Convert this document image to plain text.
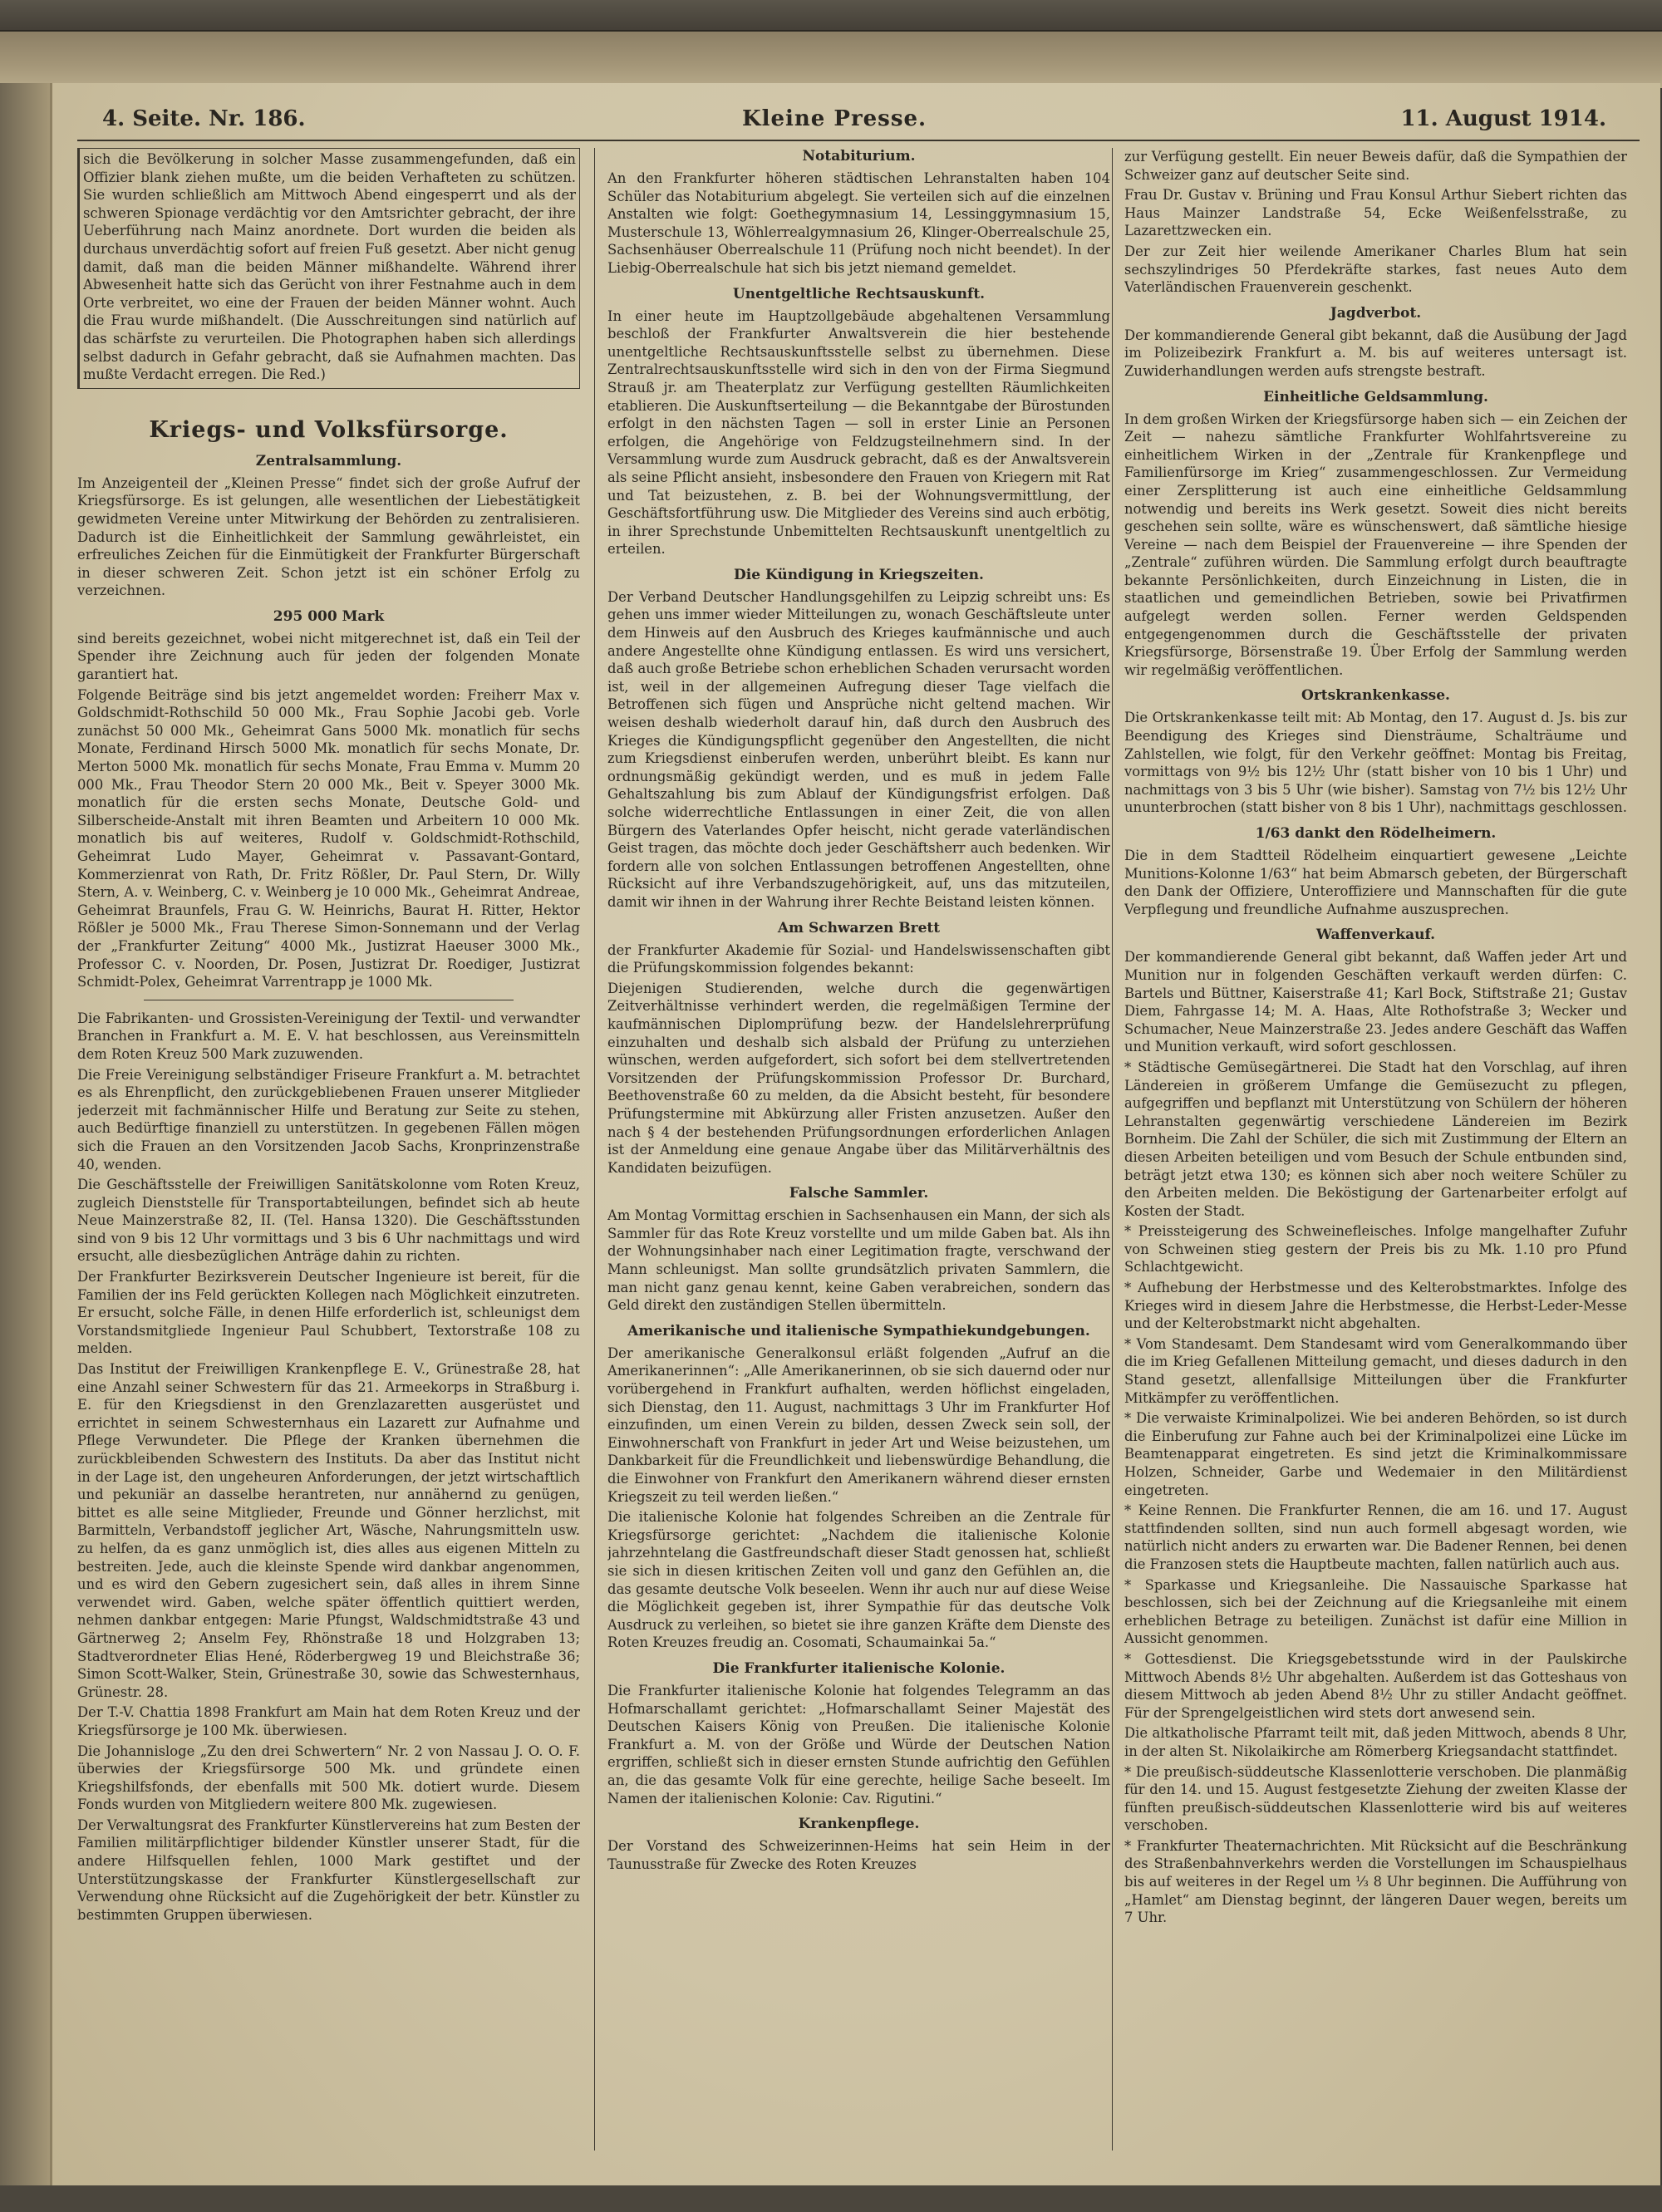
4. Seite. Nr. 186.	Kleine Presse.	11. August 1914.

sich die Bevölkerung in solcher Masse zusammengefunden, daß ein Offizier blank ziehen mußte, um die beiden Verhafteten zu schützen. Sie wurden schließlich am Mittwoch Abend eingesperrt und als der schweren Spionage verdächtig vor den Amtsrichter gebracht, der ihre Ueberführung nach Mainz anordnete. Dort wurden die beiden als durchaus unverdächtig sofort auf freien Fuß gesetzt. Aber nicht genug damit, daß man die beiden Männer mißhandelte. Während ihrer Abwesenheit hatte sich das Gerücht von ihrer Festnahme auch in dem Orte verbreitet, wo eine der Frauen der beiden Männer wohnt. Auch die Frau wurde mißhandelt. (Die Ausschreitungen sind natürlich auf das schärfste zu verurteilen. Die Photographen haben sich allerdings selbst dadurch in Gefahr gebracht, daß sie Aufnahmen machten. Das mußte Verdacht erregen. Die Red.)

Kriegs- und Volksfürsorge.
Zentralsammlung.

Im Anzeigenteil der „Kleinen Presse“ findet sich der große Aufruf der Kriegsfürsorge. Es ist gelungen, alle wesentlichen der Liebestätigkeit gewidmeten Vereine unter Mitwirkung der Behörden zu zentralisieren. Dadurch ist die Einheitlichkeit der Sammlung gewährleistet, ein erfreuliches Zeichen für die Einmütigkeit der Frankfurter Bürgerschaft in dieser schweren Zeit. Schon jetzt ist ein schöner Erfolg zu verzeichnen.

295 000 Mark

sind bereits gezeichnet, wobei nicht mitgerechnet ist, daß ein Teil der Spender ihre Zeichnung auch für jeden der folgenden Monate garantiert hat.

Folgende Beiträge sind bis jetzt angemeldet worden: Freiherr Max v. Goldschmidt-Rothschild 50 000 Mk., Frau Sophie Jacobi geb. Vorle zunächst 50 000 Mk., Geheimrat Gans 5000 Mk. monatlich für sechs Monate, Ferdinand Hirsch 5000 Mk. monatlich für sechs Monate, Dr. Merton 5000 Mk. monatlich für sechs Monate, Frau Emma v. Mumm 20 000 Mk., Frau Theodor Stern 20 000 Mk., Beit v. Speyer 3000 Mk. monatlich für die ersten sechs Monate, Deutsche Gold- und Silberscheide-Anstalt mit ihren Beamten und Arbeitern 10 000 Mk. monatlich bis auf weiteres, Rudolf v. Goldschmidt-Rothschild, Geheimrat Ludo Mayer, Geheimrat v. Passavant-Gontard, Kommerzienrat von Rath, Dr. Fritz Rößler, Dr. Paul Stern, Dr. Willy Stern, A. v. Weinberg, C. v. Weinberg je 10 000 Mk., Geheimrat Andreae, Geheimrat Braunfels, Frau G. W. Heinrichs, Baurat H. Ritter, Hektor Rößler je 5000 Mk., Frau Therese Simon-Sonnemann und der Verlag der „Frankfurter Zeitung“ 4000 Mk., Justizrat Haeuser 3000 Mk., Professor C. v. Noorden, Dr. Posen, Justizrat Dr. Roediger, Justizrat Schmidt-Polex, Geheimrat Varrentrapp je 1000 Mk.

Die Fabrikanten- und Grossisten-Vereinigung der Textil- und verwandter Branchen in Frankfurt a. M. E. V. hat beschlossen, aus Vereinsmitteln dem Roten Kreuz 500 Mark zuzuwenden.

Die Freie Vereinigung selbständiger Friseure Frankfurt a. M. betrachtet es als Ehrenpflicht, den zurückgebliebenen Frauen unserer Mitglieder jederzeit mit fachmännischer Hilfe und Beratung zur Seite zu stehen, auch Bedürftige finanziell zu unterstützen. In gegebenen Fällen mögen sich die Frauen an den Vorsitzenden Jacob Sachs, Kronprinzenstraße 40, wenden.

Die Geschäftsstelle der Freiwilligen Sanitätskolonne vom Roten Kreuz, zugleich Dienststelle für Transportabteilungen, befindet sich ab heute Neue Mainzerstraße 82, II. (Tel. Hansa 1320). Die Geschäftsstunden sind von 9 bis 12 Uhr vormittags und 3 bis 6 Uhr nachmittags und wird ersucht, alle diesbezüglichen Anträge dahin zu richten.

Der Frankfurter Bezirksverein Deutscher Ingenieure ist bereit, für die Familien der ins Feld gerückten Kollegen nach Möglichkeit einzutreten. Er ersucht, solche Fälle, in denen Hilfe erforderlich ist, schleunigst dem Vorstandsmitgliede Ingenieur Paul Schubbert, Textorstraße 108 zu melden.

Das Institut der Freiwilligen Krankenpflege E. V., Grünestraße 28, hat eine Anzahl seiner Schwestern für das 21. Armeekorps in Straßburg i. E. für den Kriegsdienst in den Grenzlazaretten ausgerüstet und errichtet in seinem Schwesternhaus ein Lazarett zur Aufnahme und Pflege Verwundeter. Die Pflege der Kranken übernehmen die zurückbleibenden Schwestern des Instituts. Da aber das Institut nicht in der Lage ist, den ungeheuren Anforderungen, der jetzt wirtschaftlich und pekuniär an dasselbe herantreten, nur annähernd zu genügen, bittet es alle seine Mitglieder, Freunde und Gönner herzlichst, mit Barmitteln, Verbandstoff jeglicher Art, Wäsche, Nahrungsmitteln usw. zu helfen, da es ganz unmöglich ist, dies alles aus eigenen Mitteln zu bestreiten. Jede, auch die kleinste Spende wird dankbar angenommen, und es wird den Gebern zugesichert sein, daß alles in ihrem Sinne verwendet wird. Gaben, welche später öffentlich quittiert werden, nehmen dankbar entgegen: Marie Pfungst, Waldschmidtstraße 43 und Gärtnerweg 2; Anselm Fey, Rhönstraße 18 und Holzgraben 13; Stadtverordneter Elias Hené, Röderbergweg 19 und Bleichstraße 36; Simon Scott-Walker, Stein, Grünestraße 30, sowie das Schwesternhaus, Grünestr. 28.

Der T.-V. Chattia 1898 Frankfurt am Main hat dem Roten Kreuz und der Kriegsfürsorge je 100 Mk. überwiesen.

Die Johannisloge „Zu den drei Schwertern“ Nr. 2 von Nassau J. O. O. F. überwies der Kriegsfürsorge 500 Mk. und gründete einen Kriegshilfsfonds, der ebenfalls mit 500 Mk. dotiert wurde. Diesem Fonds wurden von Mitgliedern weitere 800 Mk. zugewiesen.

Der Verwaltungsrat des Frankfurter Künstlervereins hat zum Besten der Familien militärpflichtiger bildender Künstler unserer Stadt, für die andere Hilfsquellen fehlen, 1000 Mark gestiftet und der Unterstützungskasse der Frankfurter Künstlergesellschaft zur Verwendung ohne Rücksicht auf die Zugehörigkeit der betr. Künstler zu bestimmten Gruppen überwiesen.

Notabiturium.

An den Frankfurter höheren städtischen Lehranstalten haben 104 Schüler das Notabiturium abgelegt. Sie verteilen sich auf die einzelnen Anstalten wie folgt: Goethegymnasium 14, Lessinggymnasium 15, Musterschule 13, Wöhlerrealgymnasium 26, Klinger-Oberrealschule 25, Sachsenhäuser Oberrealschule 11 (Prüfung noch nicht beendet). In der Liebig-Oberrealschule hat sich bis jetzt niemand gemeldet.

Unentgeltliche Rechtsauskunft.

In einer heute im Hauptzollgebäude abgehaltenen Versammlung beschloß der Frankfurter Anwaltsverein die hier bestehende unentgeltliche Rechtsauskunftsstelle selbst zu übernehmen. Diese Zentralrechtsauskunftsstelle wird sich in den von der Firma Siegmund Strauß jr. am Theaterplatz zur Verfügung gestellten Räumlichkeiten etablieren. Die Auskunftserteilung — die Bekanntgabe der Bürostunden erfolgt in den nächsten Tagen — soll in erster Linie an Personen erfolgen, die Angehörige von Feldzugsteilnehmern sind. In der Versammlung wurde zum Ausdruck gebracht, daß es der Anwaltsverein als seine Pflicht ansieht, insbesondere den Frauen von Kriegern mit Rat und Tat beizustehen, z. B. bei der Wohnungsvermittlung, der Geschäftsfortführung usw. Die Mitglieder des Vereins sind auch erbötig, in ihrer Sprechstunde Unbemittelten Rechtsauskunft unentgeltlich zu erteilen.

Die Kündigung in Kriegszeiten.

Der Verband Deutscher Handlungsgehilfen zu Leipzig schreibt uns: Es gehen uns immer wieder Mitteilungen zu, wonach Geschäftsleute unter dem Hinweis auf den Ausbruch des Krieges kaufmännische und auch andere Angestellte ohne Kündigung entlassen. Es wird uns versichert, daß auch große Betriebe schon erheblichen Schaden verursacht worden ist, weil in der allgemeinen Aufregung dieser Tage vielfach die Betroffenen sich fügen und Ansprüche nicht geltend machen. Wir weisen deshalb wiederholt darauf hin, daß durch den Ausbruch des Krieges die Kündigungspflicht gegenüber den Angestellten, die nicht zum Kriegsdienst einberufen werden, unberührt bleibt. Es kann nur ordnungsmäßig gekündigt werden, und es muß in jedem Falle Gehaltszahlung bis zum Ablauf der Kündigungsfrist erfolgen. Daß solche widerrechtliche Entlassungen in einer Zeit, die von allen Bürgern des Vaterlandes Opfer heischt, nicht gerade vaterländischen Geist tragen, das möchte doch jeder Geschäftsherr auch bedenken. Wir fordern alle von solchen Entlassungen betroffenen Angestellten, ohne Rücksicht auf ihre Verbandszugehörigkeit, auf, uns das mitzuteilen, damit wir ihnen in der Wahrung ihrer Rechte Beistand leisten können.

Am Schwarzen Brett

der Frankfurter Akademie für Sozial- und Handelswissenschaften gibt die Prüfungskommission folgendes bekannt:

Diejenigen Studierenden, welche durch die gegenwärtigen Zeitverhältnisse verhindert werden, die regelmäßigen Termine der kaufmännischen Diplomprüfung bezw. der Handelslehrerprüfung einzuhalten und deshalb sich alsbald der Prüfung zu unterziehen wünschen, werden aufgefordert, sich sofort bei dem stellvertretenden Vorsitzenden der Prüfungskommission Professor Dr. Burchard, Beethovenstraße 60 zu melden, da die Absicht besteht, für besondere Prüfungstermine mit Abkürzung aller Fristen anzusetzen. Außer den nach § 4 der bestehenden Prüfungsordnungen erforderlichen Anlagen ist der Anmeldung eine genaue Angabe über das Militärverhältnis des Kandidaten beizufügen.

Falsche Sammler.

Am Montag Vormittag erschien in Sachsenhausen ein Mann, der sich als Sammler für das Rote Kreuz vorstellte und um milde Gaben bat. Als ihn der Wohnungsinhaber nach einer Legitimation fragte, verschwand der Mann schleunigst. Man sollte grundsätzlich privaten Sammlern, die man nicht ganz genau kennt, keine Gaben verabreichen, sondern das Geld direkt den zuständigen Stellen übermitteln.

Amerikanische und italienische Sympathiekundgebungen.

Der amerikanische Generalkonsul erläßt folgenden „Aufruf an die Amerikanerinnen“: „Alle Amerikanerinnen, ob sie sich dauernd oder nur vorübergehend in Frankfurt aufhalten, werden höflichst eingeladen, sich Dienstag, den 11. August, nachmittags 3 Uhr im Frankfurter Hof einzufinden, um einen Verein zu bilden, dessen Zweck sein soll, der Einwohnerschaft von Frankfurt in jeder Art und Weise beizustehen, um Dankbarkeit für die Freundlichkeit und liebenswürdige Behandlung, die die Einwohner von Frankfurt den Amerikanern während dieser ernsten Kriegszeit zu teil werden ließen.“

Die italienische Kolonie hat folgendes Schreiben an die Zentrale für Kriegsfürsorge gerichtet: „Nachdem die italienische Kolonie jahrzehntelang die Gastfreundschaft dieser Stadt genossen hat, schließt sie sich in diesen kritischen Zeiten voll und ganz den Gefühlen an, die das gesamte deutsche Volk beseelen. Wenn ihr auch nur auf diese Weise die Möglichkeit gegeben ist, ihrer Sympathie für das deutsche Volk Ausdruck zu verleihen, so bietet sie ihre ganzen Kräfte dem Dienste des Roten Kreuzes freudig an. Cosomati, Schaumainkai 5a.“

Die Frankfurter italienische Kolonie.

Die Frankfurter italienische Kolonie hat folgendes Telegramm an das Hofmarschallamt gerichtet: „Hofmarschallamt Seiner Majestät des Deutschen Kaisers König von Preußen. Die italienische Kolonie Frankfurt a. M. von der Größe und Würde der Deutschen Nation ergriffen, schließt sich in dieser ernsten Stunde aufrichtig den Gefühlen an, die das gesamte Volk für eine gerechte, heilige Sache beseelt. Im Namen der italienischen Kolonie: Cav. Rigutini.“

Krankenpflege.

Der Vorstand des Schweizerinnen-Heims hat sein Heim in der Taunusstraße für Zwecke des Roten Kreuzes

zur Verfügung gestellt. Ein neuer Beweis dafür, daß die Sympathien der Schweizer ganz auf deutscher Seite sind.

Frau Dr. Gustav v. Brüning und Frau Konsul Arthur Siebert richten das Haus Mainzer Landstraße 54, Ecke Weißenfelsstraße, zu Lazarettzwecken ein.

Der zur Zeit hier weilende Amerikaner Charles Blum hat sein sechszylindriges 50 Pferdekräfte starkes, fast neues Auto dem Vaterländischen Frauenverein geschenkt.

Jagdverbot.

Der kommandierende General gibt bekannt, daß die Ausübung der Jagd im Polizeibezirk Frankfurt a. M. bis auf weiteres untersagt ist. Zuwiderhandlungen werden aufs strengste bestraft.

Einheitliche Geldsammlung.

In dem großen Wirken der Kriegsfürsorge haben sich — ein Zeichen der Zeit — nahezu sämtliche Frankfurter Wohlfahrtsvereine zu einheitlichem Wirken in der „Zentrale für Krankenpflege und Familienfürsorge im Krieg“ zusammengeschlossen. Zur Vermeidung einer Zersplitterung ist auch eine einheitliche Geldsammlung notwendig und bereits ins Werk gesetzt. Soweit dies nicht bereits geschehen sein sollte, wäre es wünschenswert, daß sämtliche hiesige Vereine — nach dem Beispiel der Frauenvereine — ihre Spenden der „Zentrale“ zuführen würden. Die Sammlung erfolgt durch beauftragte bekannte Persönlichkeiten, durch Einzeichnung in Listen, die in staatlichen und gemeindlichen Betrieben, sowie bei Privatfirmen aufgelegt werden sollen. Ferner werden Geldspenden entgegengenommen durch die Geschäftsstelle der privaten Kriegsfürsorge, Börsenstraße 19. Über Erfolg der Sammlung werden wir regelmäßig veröffentlichen.

Ortskrankenkasse.

Die Ortskrankenkasse teilt mit: Ab Montag, den 17. August d. Js. bis zur Beendigung des Krieges sind Diensträume, Schalträume und Zahlstellen, wie folgt, für den Verkehr geöffnet: Montag bis Freitag, vormittags von 9½ bis 12½ Uhr (statt bisher von 10 bis 1 Uhr) und nachmittags von 3 bis 5 Uhr (wie bisher). Samstag von 7½ bis 12½ Uhr ununterbrochen (statt bisher von 8 bis 1 Uhr), nachmittags geschlossen.

1/63 dankt den Rödelheimern.

Die in dem Stadtteil Rödelheim einquartiert gewesene „Leichte Munitions-Kolonne 1/63“ hat beim Abmarsch gebeten, der Bürgerschaft den Dank der Offiziere, Unteroffiziere und Mannschaften für die gute Verpflegung und freundliche Aufnahme auszusprechen.

Waffenverkauf.

Der kommandierende General gibt bekannt, daß Waffen jeder Art und Munition nur in folgenden Geschäften verkauft werden dürfen: C. Bartels und Büttner, Kaiserstraße 41; Karl Bock, Stiftstraße 21; Gustav Diem, Fahrgasse 14; M. A. Haas, Alte Rothofstraße 3; Wecker und Schumacher, Neue Mainzerstraße 23. Jedes andere Geschäft das Waffen und Munition verkauft, wird sofort geschlossen.

* Städtische Gemüsegärtnerei. Die Stadt hat den Vorschlag, auf ihren Ländereien in größerem Umfange die Gemüsezucht zu pflegen, aufgegriffen und bepflanzt mit Unterstützung von Schülern der höheren Lehranstalten gegenwärtig verschiedene Ländereien im Bezirk Bornheim. Die Zahl der Schüler, die sich mit Zustimmung der Eltern an diesen Arbeiten beteiligen und vom Besuch der Schule entbunden sind, beträgt jetzt etwa 130; es können sich aber noch weitere Schüler zu den Arbeiten melden. Die Beköstigung der Gartenarbeiter erfolgt auf Kosten der Stadt.

* Preissteigerung des Schweinefleisches. Infolge mangelhafter Zufuhr von Schweinen stieg gestern der Preis bis zu Mk. 1.10 pro Pfund Schlachtgewicht.

* Aufhebung der Herbstmesse und des Kelterobstmarktes. Infolge des Krieges wird in diesem Jahre die Herbstmesse, die Herbst-Leder-Messe und der Kelterobstmarkt nicht abgehalten.

* Vom Standesamt. Dem Standesamt wird vom Generalkommando über die im Krieg Gefallenen Mitteilung gemacht, und dieses dadurch in den Stand gesetzt, allenfallsige Mitteilungen über die Frankfurter Mitkämpfer zu veröffentlichen.

* Die verwaiste Kriminalpolizei. Wie bei anderen Behörden, so ist durch die Einberufung zur Fahne auch bei der Kriminalpolizei eine Lücke im Beamtenapparat eingetreten. Es sind jetzt die Kriminalkommissare Holzen, Schneider, Garbe und Wedemaier in den Militärdienst eingetreten.

* Keine Rennen. Die Frankfurter Rennen, die am 16. und 17. August stattfindenden sollten, sind nun auch formell abgesagt worden, wie natürlich nicht anders zu erwarten war. Die Badener Rennen, bei denen die Franzosen stets die Hauptbeute machten, fallen natürlich auch aus.

* Sparkasse und Kriegsanleihe. Die Nassauische Sparkasse hat beschlossen, sich bei der Zeichnung auf die Kriegsanleihe mit einem erheblichen Betrage zu beteiligen. Zunächst ist dafür eine Million in Aussicht genommen.

* Gottesdienst. Die Kriegsgebetsstunde wird in der Paulskirche Mittwoch Abends 8½ Uhr abgehalten. Außerdem ist das Gotteshaus von diesem Mittwoch ab jeden Abend 8½ Uhr zu stiller Andacht geöffnet. Für der Sprengelgeistlichen wird stets dort anwesend sein.

Die altkatholische Pfarramt teilt mit, daß jeden Mittwoch, abends 8 Uhr, in der alten St. Nikolaikirche am Römerberg Kriegsandacht stattfindet.

* Die preußisch-süddeutsche Klassenlotterie verschoben. Die planmäßig für den 14. und 15. August festgesetzte Ziehung der zweiten Klasse der fünften preußisch-süddeutschen Klassenlotterie wird bis auf weiteres verschoben.

* Frankfurter Theaternachrichten. Mit Rücksicht auf die Beschränkung des Straßenbahnverkehrs werden die Vorstellungen im Schauspielhaus bis auf weiteres in der Regel um ⅓ 8 Uhr beginnen. Die Aufführung von „Hamlet“ am Dienstag beginnt, der längeren Dauer wegen, bereits um 7 Uhr.
